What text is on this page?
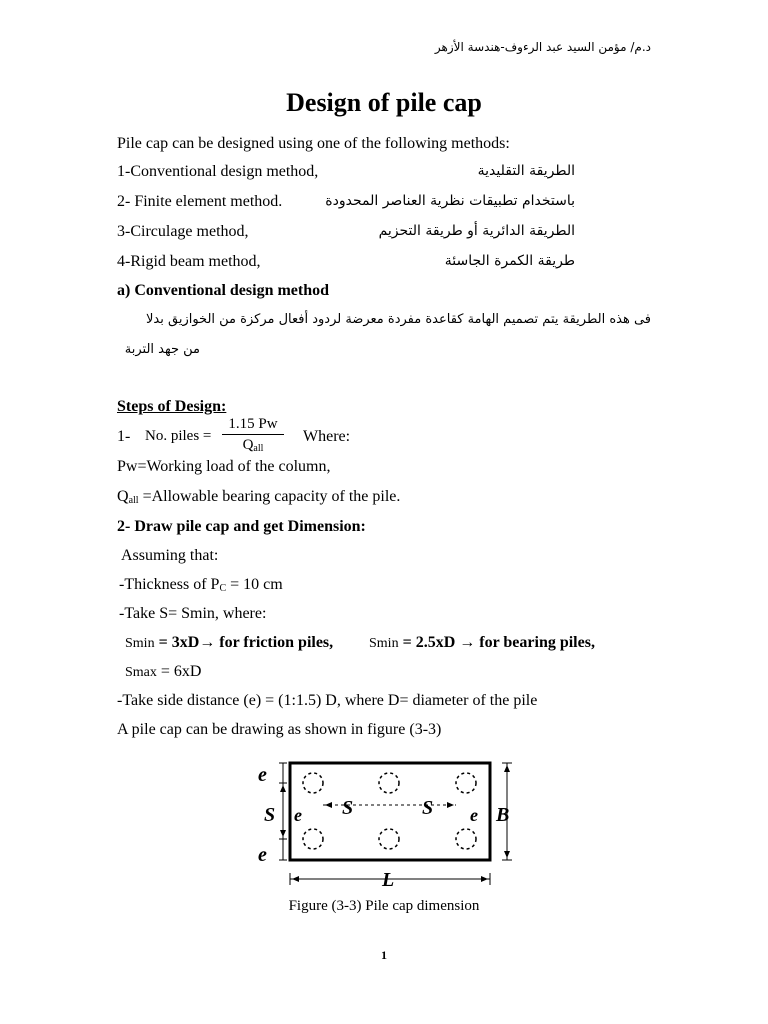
د.م/ مؤمن السيد عبد الرءوف-هندسة الأزهر
Design of pile cap
Pile cap can be designed using one of the following methods:
1-Conventional design method,	الطريقة التقليدية
2- Finite element method.	باستخدام تطبيقات نظرية العناصر المحدودة
3-Circulage method,	الطريقة الدائرية أو طريقة التحزيم
4-Rigid beam method,	طريقة الكمرة الجاسئة
a) Conventional design method
فى هذه الطريقة يتم تصميم الهامة كقاعدة مفردة معرضة لردود أفعال مركزة من الخوازيق بدلا
من جهد التربة
Steps of Design:
1- No. piles =
1.15 Pw
$Q_{all}$
Where:
Pw=Working load of the column,
$Q_{all}$ =Allowable bearing capacity of the pile.
2- Draw pile cap and get Dimension:
Assuming that:
-Thickness of $P_C = 10$ cm
-Take S= Smin, where:
Smin = 3xD→ for friction piles,	Smin = 2.5xD → for bearing piles,
Smax = 6xD
-Take side distance (e) = (1:1.5) D, where D= diameter of the pile
A pile cap can be drawing as shown in figure (3-3)
e
S
e
e S	S e B
L
Figure (3-3) Pile cap dimension
1
